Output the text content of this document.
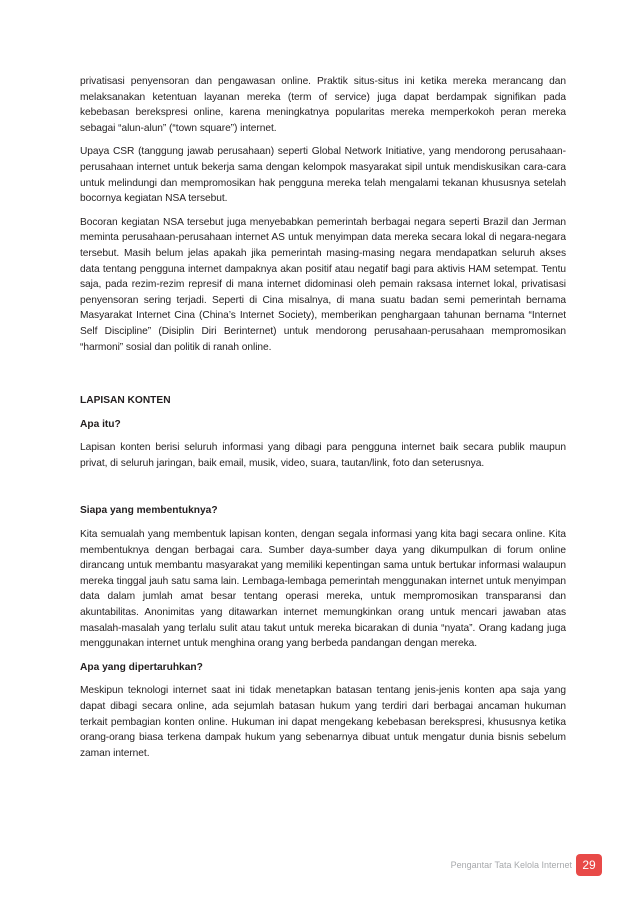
privatisasi penyensoran dan pengawasan online. Praktik situs-situs ini ketika mereka merancang dan melaksanakan ketentuan layanan mereka (term of service) juga dapat berdampak signifikan pada kebebasan berekspresi online, karena meningkatnya popularitas mereka memperkokoh peran mereka sebagai “alun-alun” (“town square”) internet.

Upaya CSR (tanggung jawab perusahaan) seperti Global Network Initiative, yang mendorong perusahaan-perusahaan internet untuk bekerja sama dengan kelompok masyarakat sipil untuk mendiskusikan cara-cara untuk melindungi dan mempromosikan hak pengguna mereka telah mengalami tekanan khususnya setelah bocornya kegiatan NSA tersebut.

Bocoran kegiatan NSA tersebut juga menyebabkan pemerintah berbagai negara seperti Brazil dan Jerman meminta perusahaan-perusahaan internet AS untuk menyimpan data mereka secara lokal di negara-negara tersebut. Masih belum jelas apakah jika pemerintah masing-masing negara mendapatkan seluruh akses data tentang pengguna internet dampaknya akan positif atau negatif bagi para aktivis HAM setempat. Tentu saja, pada rezim-rezim represif di mana internet didominasi oleh pemain raksasa internet lokal, privatisasi penyensoran sering terjadi. Seperti di Cina misalnya, di mana suatu badan semi pemerintah bernama Masyarakat Internet Cina (China’s Internet Society), memberikan penghargaan tahunan bernama “Internet Self Discipline” (Disiplin Diri Berinternet) untuk mendorong perusahaan-perusahaan mempromosikan “harmoni” sosial dan politik di ranah online.

LAPISAN KONTEN
Apa itu?

Lapisan konten berisi seluruh informasi yang dibagi para pengguna internet baik secara publik maupun privat, di seluruh jaringan, baik email, musik, video, suara, tautan/link, foto dan seterusnya.

Siapa yang membentuknya?

Kita semualah yang membentuk lapisan konten, dengan segala informasi yang kita bagi secara online. Kita membentuknya dengan berbagai cara. Sumber daya-sumber daya yang dikumpulkan di forum online dirancang untuk membantu masyarakat yang memiliki kepentingan sama untuk bertukar informasi walaupun mereka tinggal jauh satu sama lain. Lembaga-lembaga pemerintah menggunakan internet untuk menyimpan data dalam jumlah amat besar tentang operasi mereka, untuk mempromosikan transparansi dan akuntabilitas. Anonimitas yang ditawarkan internet memungkinkan orang untuk mencari jawaban atas masalah-masalah yang terlalu sulit atau takut untuk mereka bicarakan di dunia “nyata”. Orang kadang juga menggunakan internet untuk menghina orang yang berbeda pandangan dengan mereka.

Apa yang dipertaruhkan?

Meskipun teknologi internet saat ini tidak menetapkan batasan tentang jenis-jenis konten apa saja yang dapat dibagi secara online, ada sejumlah batasan hukum yang terdiri dari berbagai ancaman hukuman terkait pembagian konten online. Hukuman ini dapat mengekang kebebasan berekspresi, khususnya ketika orang-orang biasa terkena dampak hukum yang sebenarnya dibuat untuk mengatur dunia bisnis sebelum zaman internet.

Pengantar Tata Kelola Internet 29
